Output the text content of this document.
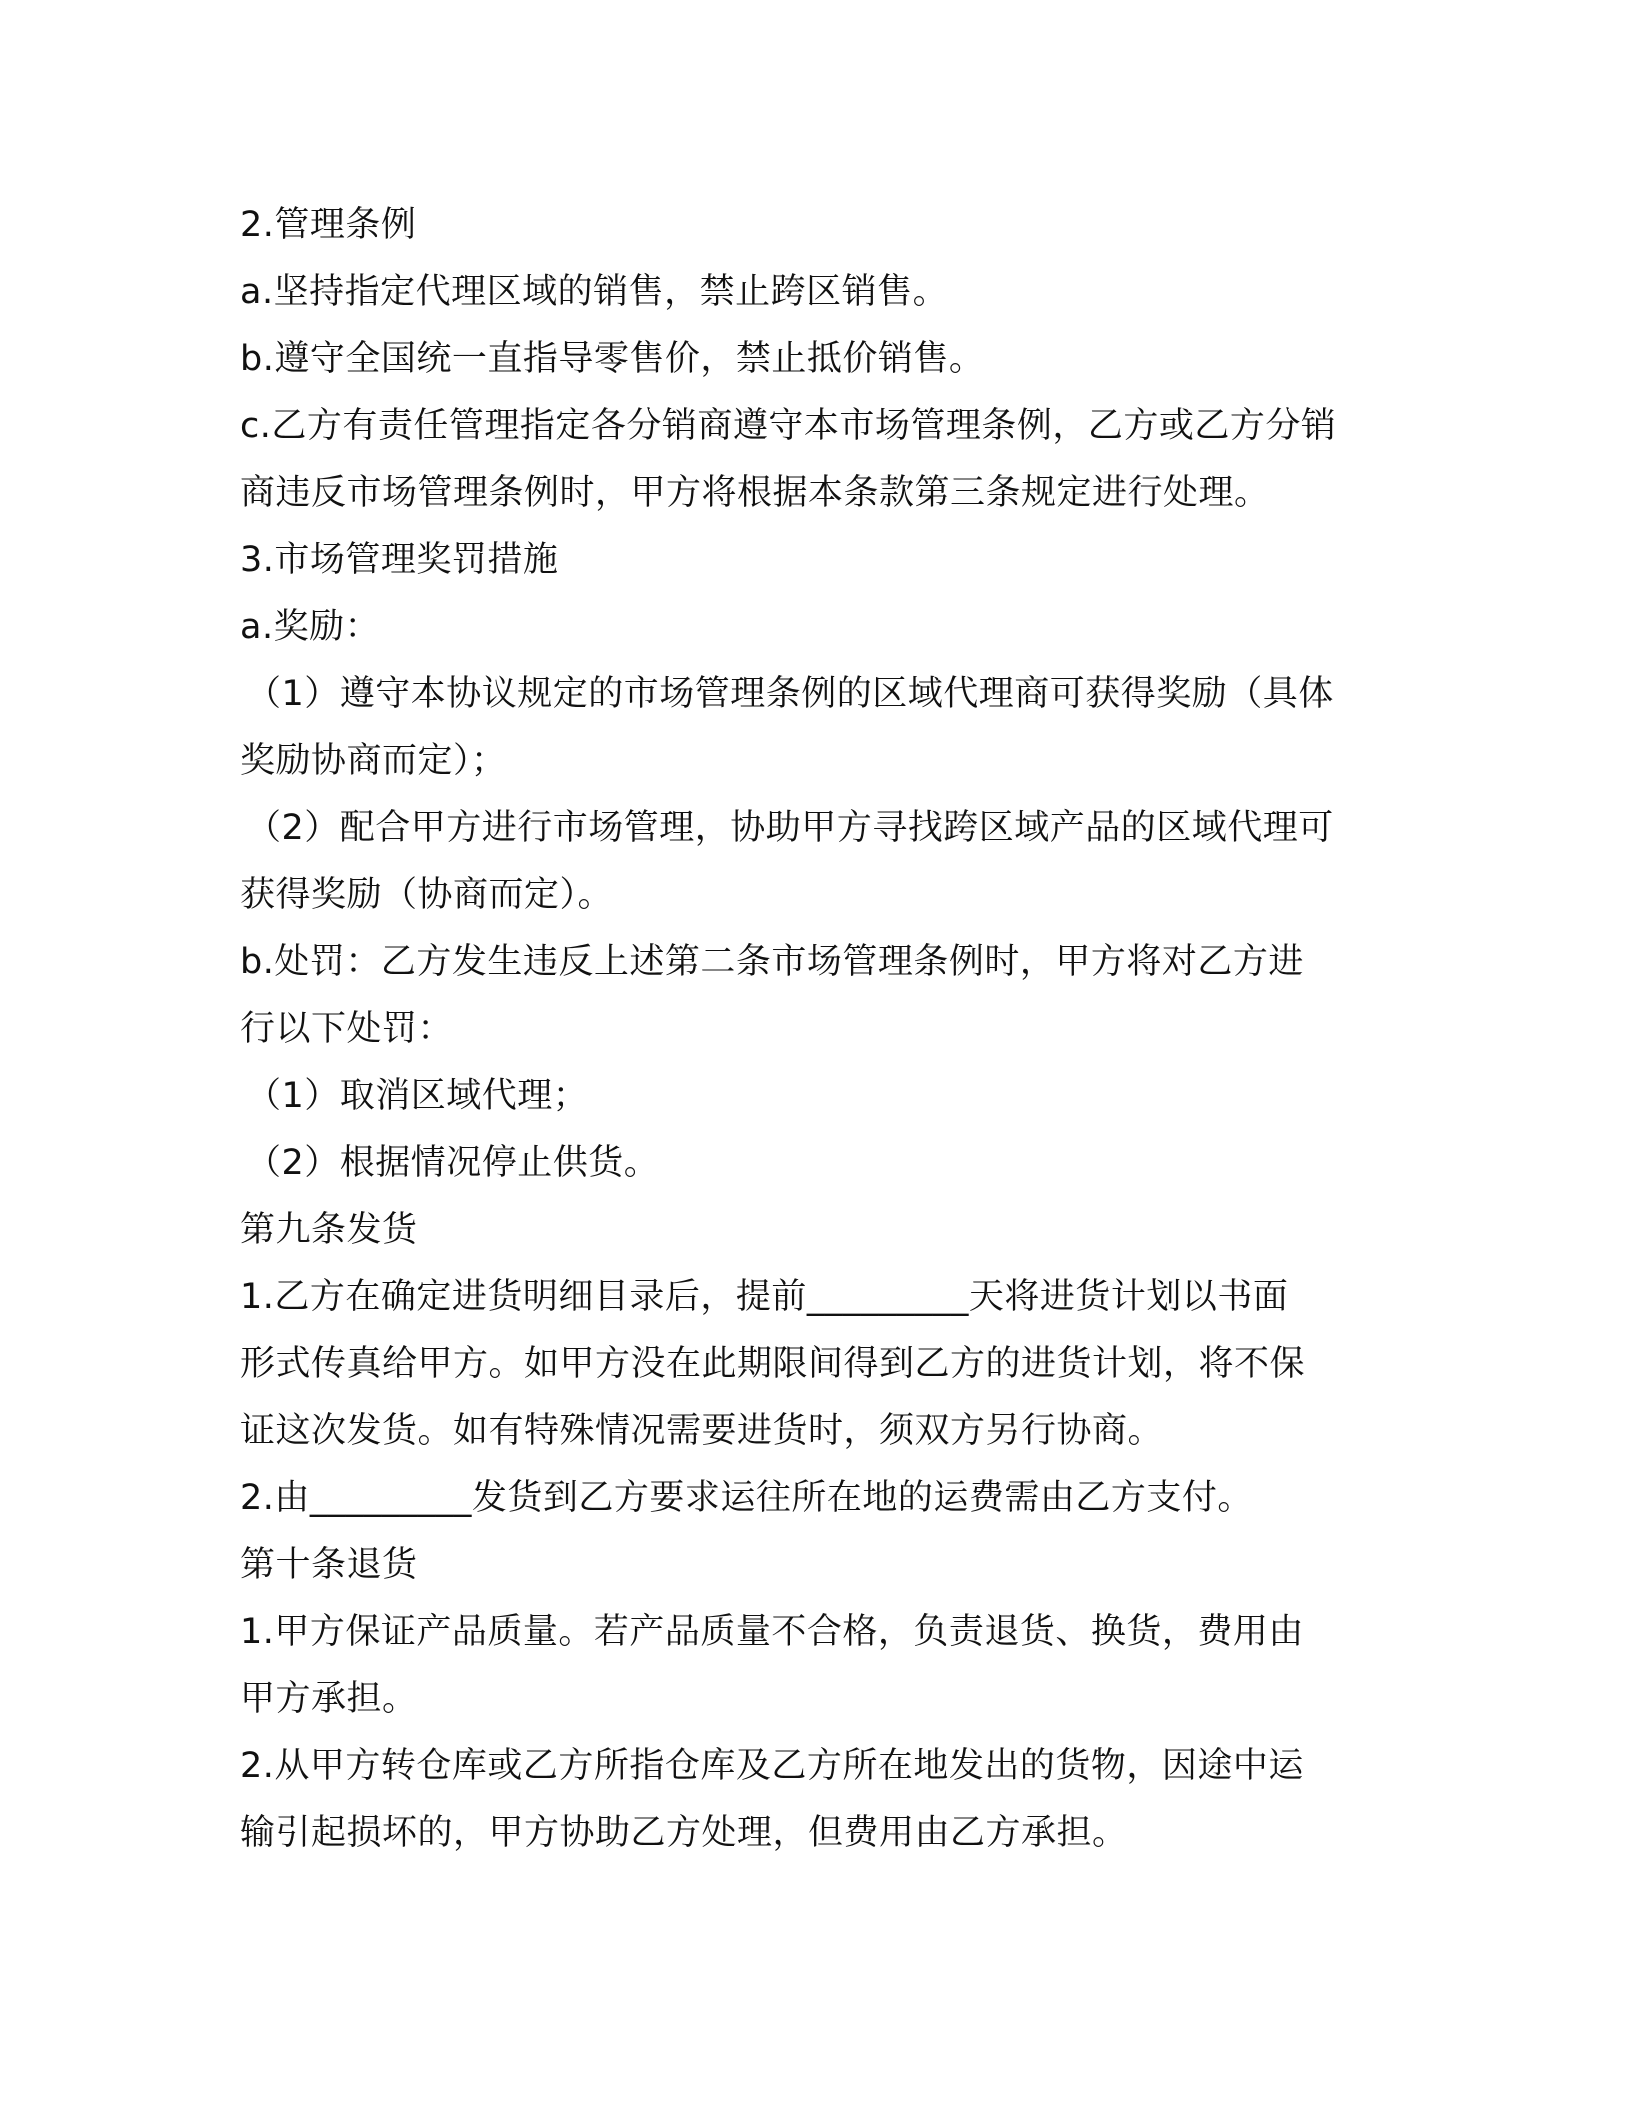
2.管理条例
a.坚持指定代理区域的销售，禁止跨区销售。
b.遵守全国统一直指导零售价，禁止抵价销售。
c.乙方有责任管理指定各分销商遵守本市场管理条例，乙方或乙方分销
商违反市场管理条例时，甲方将根据本条款第三条规定进行处理。
3.市场管理奖罚措施
a.奖励：
（1）遵守本协议规定的市场管理条例的区域代理商可获得奖励（具体
奖励协商而定）；
（2）配合甲方进行市场管理，协助甲方寻找跨区域产品的区域代理可
获得奖励（协商而定）。
b.处罚：乙方发生违反上述第二条市场管理条例时，甲方将对乙方进
行以下处罚：
（1）取消区域代理；
（2）根据情况停止供货。
第九条发货
1.乙方在确定进货明细目录后，提前_________天将进货计划以书面
形式传真给甲方。如甲方没在此期限间得到乙方的进货计划，将不保
证这次发货。如有特殊情况需要进货时，须双方另行协商。
2.由_________发货到乙方要求运往所在地的运费需由乙方支付。
第十条退货
1.甲方保证产品质量。若产品质量不合格，负责退货、换货，费用由
甲方承担。
2.从甲方转仓库或乙方所指仓库及乙方所在地发出的货物，因途中运
输引起损坏的，甲方协助乙方处理，但费用由乙方承担。
